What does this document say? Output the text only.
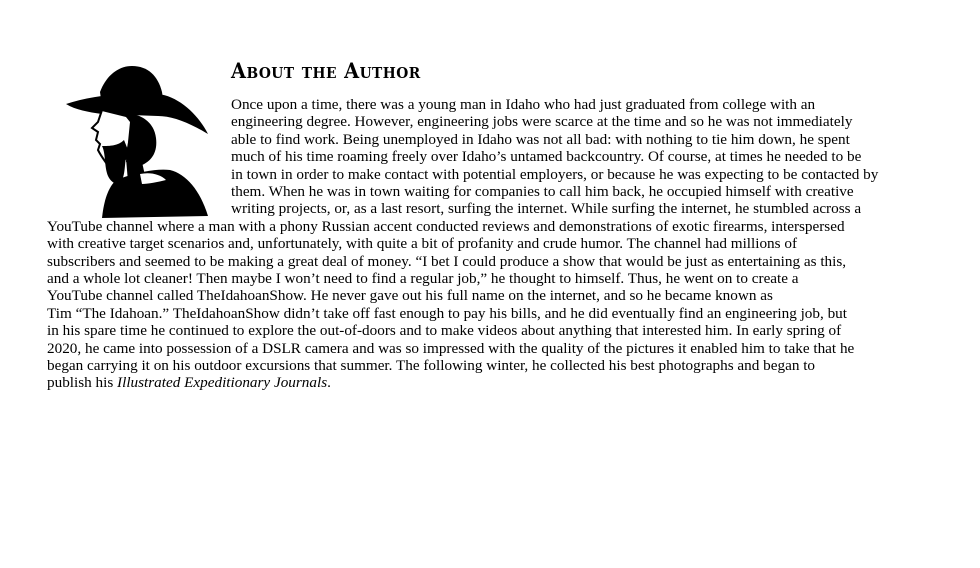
About the Author
Once upon a time, there was a young man in Idaho who had just graduated from college with an
engineering degree. However, engineering jobs were scarce at the time and so he was not immediately
able to find work. Being unemployed in Idaho was not all bad: with nothing to tie him down, he spent
much of his time roaming freely over Idaho’s untamed backcountry. Of course, at times he needed to be
in town in order to make contact with potential employers, or because he was expecting to be contacted by
them. When he was in town waiting for companies to call him back, he occupied himself with creative
writing projects, or, as a last resort, surfing the internet. While surfing the internet, he stumbled across a
YouTube channel where a man with a phony Russian accent conducted reviews and demonstrations of exotic firearms, interspersed
with creative target scenarios and, unfortunately, with quite a bit of profanity and crude humor. The channel had millions of
subscribers and seemed to be making a great deal of money. “I bet I could produce a show that would be just as entertaining as this,
and a whole lot cleaner! Then maybe I won’t need to find a regular job,” he thought to himself. Thus, he went on to create a
YouTube channel called TheIdahoanShow. He never gave out his full name on the internet, and so he became known as
Tim “The Idahoan.” TheIdahoanShow didn’t take off fast enough to pay his bills, and he did eventually find an engineering job, but
in his spare time he continued to explore the out-of-doors and to make videos about anything that interested him. In early spring of
2020, he came into possession of a DSLR camera and was so impressed with the quality of the pictures it enabled him to take that he
began carrying it on his outdoor excursions that summer. The following winter, he collected his best photographs and began to
publish his Illustrated Expeditionary Journals.
